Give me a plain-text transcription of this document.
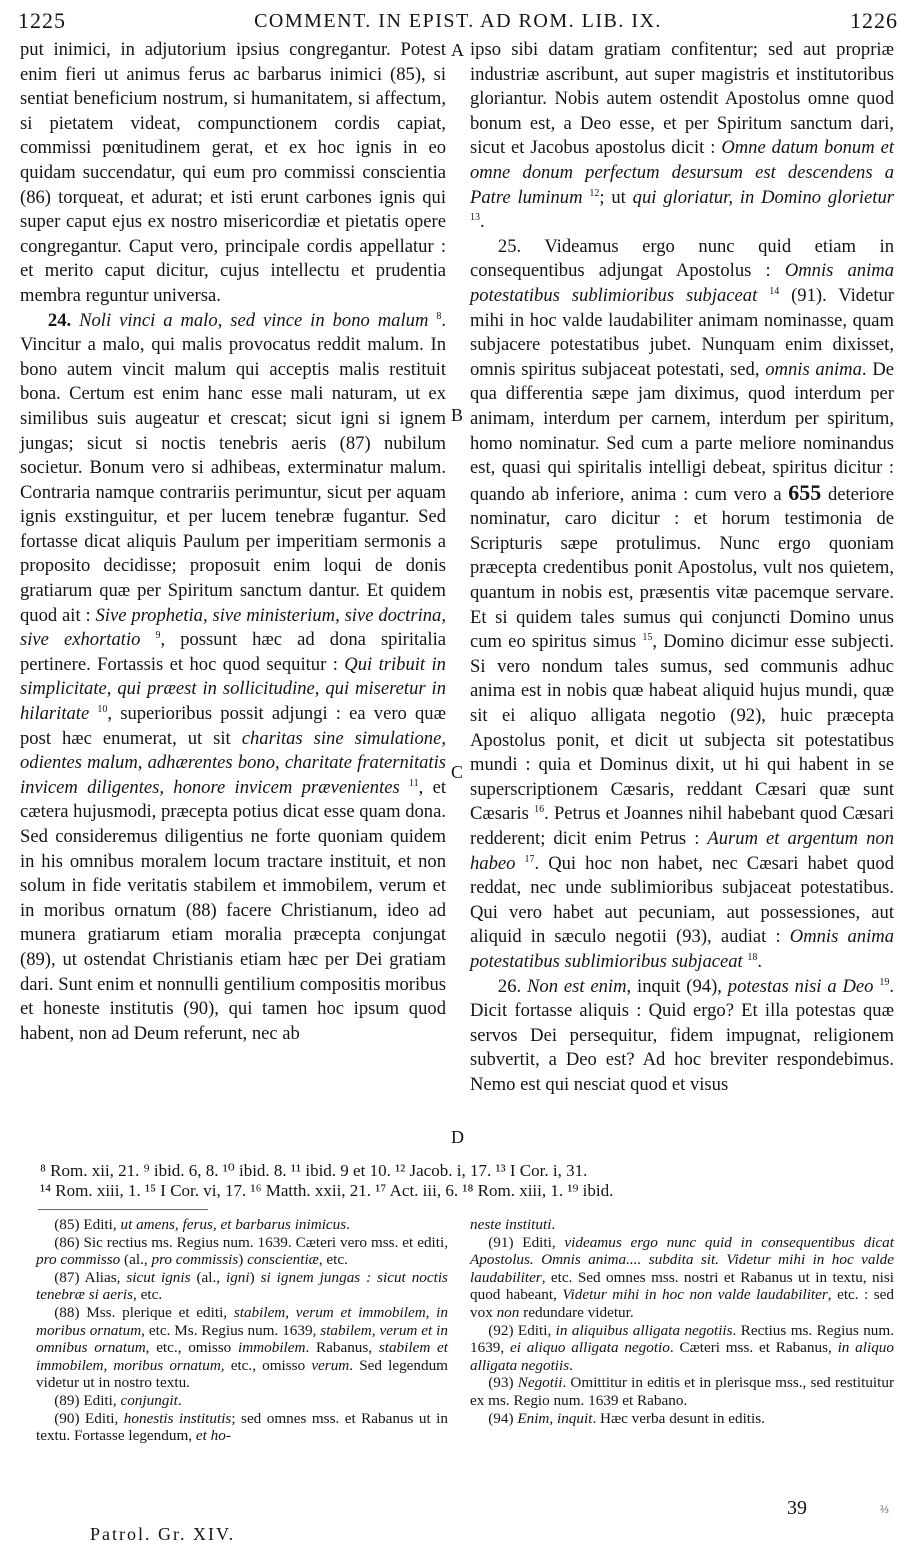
1225	COMMENT. IN EPIST. AD ROM. LIB. IX.	1226
A
B
C
D

put inimici, in adjutorium ipsius congregantur. Potest enim fieri ut animus ferus ac barbarus inimici (85), si sentiat beneficium nostrum, si humanitatem, si affectum, si pietatem videat, compunctionem cordis capiat, commissi pœnitudinem gerat, et ex hoc ignis in eo quidam succendatur, qui eum pro commissi conscientia (86) torqueat, et adurat; et isti erunt carbones ignis qui super caput ejus ex nostro misericordiæ et pietatis opere congregantur. Caput vero, principale cordis appellatur : et merito caput dicitur, cujus intellectu et prudentia membra reguntur universa.

24. Noli vinci a malo, sed vince in bono malum $^8$. Vincitur a malo, qui malis provocatus reddit malum. In bono autem vincit malum qui acceptis malis restituit bona. Certum est enim hanc esse mali naturam, ut ex similibus suis augeatur et crescat; sicut igni si ignem jungas; sicut si noctis tenebris aeris (87) nubilum societur. Bonum vero si adhibeas, exterminatur malum. Contraria namque contrariis perimuntur, sicut per aquam ignis exstinguitur, et per lucem tenebræ fugantur. Sed fortasse dicat aliquis Paulum per imperitiam sermonis a proposito decidisse; proposuit enim loqui de donis gratiarum quæ per Spiritum sanctum dantur. Et quidem quod ait : Sive prophetia, sive ministerium, sive doctrina, sive exhortatio $^9$, possunt hæc ad dona spiritalia pertinere. Fortassis et hoc quod sequitur : Qui tribuit in simplicitate, qui præest in sollicitudine, qui miseretur in hilaritate $^{10}$, superioribus possit adjungi : ea vero quæ post hæc enumerat, ut sit charitas sine simulatione, odientes malum, adhærentes bono, charitate fraternitatis invicem diligentes, honore invicem prævenientes $^{11}$, et cætera hujusmodi, præcepta potius dicat esse quam dona. Sed consideremus diligentius ne forte quoniam quidem in his omnibus moralem locum tractare instituit, et non solum in fide veritatis stabilem et immobilem, verum et in moribus ornatum (88) facere Christianum, ideo ad munera gratiarum etiam moralia præcepta conjungat (89), ut ostendat Christianis etiam hæc per Dei gratiam dari. Sunt enim et nonnulli gentilium compositis moribus et honeste institutis (90), qui tamen hoc ipsum quod habent, non ad Deum referunt, nec ab

ipso sibi datam gratiam confitentur; sed aut propriæ industriæ ascribunt, aut super magistris et institutoribus gloriantur. Nobis autem ostendit Apostolus omne quod bonum est, a Deo esse, et per Spiritum sanctum dari, sicut et Jacobus apostolus dicit : Omne datum bonum et omne donum perfectum desursum est descendens a Patre luminum $^{12}$; ut qui gloriatur, in Domino glorietur $^{13}$.

25. Videamus ergo nunc quid etiam in consequentibus adjungat Apostolus : Omnis anima potestatibus sublimioribus subjaceat $^{14}$ (91). Videtur mihi in hoc valde laudabiliter animam nominasse, quam subjacere potestatibus jubet. Nunquam enim dixisset, omnis spiritus subjaceat potestati, sed, omnis anima. De qua differentia sæpe jam diximus, quod interdum per animam, interdum per carnem, interdum per spiritum, homo nominatur. Sed cum a parte meliore nominandus est, quasi qui spiritalis intelligi debeat, spiritus dicitur : quando ab inferiore, anima : cum vero a 655 deteriore nominatur, caro dicitur : et horum testimonia de Scripturis sæpe protulimus. Nunc ergo quoniam præcepta credentibus ponit Apostolus, vult nos quietem, quantum in nobis est, præsentis vitæ pacemque servare. Et si quidem tales sumus qui conjuncti Domino unus cum eo spiritus simus $^{15}$, Domino dicimur esse subjecti. Si vero nondum tales sumus, sed communis adhuc anima est in nobis quæ habeat aliquid hujus mundi, quæ sit ei aliquo alligata negotio (92), huic præcepta Apostolus ponit, et dicit ut subjecta sit potestatibus mundi : quia et Dominus dixit, ut hi qui habent in se superscriptionem Cæsaris, reddant Cæsari quæ sunt Cæsaris $^{16}$. Petrus et Joannes nihil habebant quod Cæsari redderent; dicit enim Petrus : Aurum et argentum non habeo $^{17}$. Qui hoc non habet, nec Cæsari habet quod reddat, nec unde sublimioribus subjaceat potestatibus. Qui vero habet aut pecuniam, aut possessiones, aut aliquid in sæculo negotii (93), audiat : Omnis anima potestatibus sublimioribus subjaceat $^{18}$.

26. Non est enim, inquit (94), potestas nisi a Deo $^{19}$. Dicit fortasse aliquis : Quid ergo? Et illa potestas quæ servos Dei persequitur, fidem impugnat, religionem subvertit, a Deo est? Ad hoc breviter respondebimus. Nemo est qui nesciat quod et visus

⁸ Rom. xii, 21. ⁹ ibid. 6, 8. ¹⁰ ibid. 8. ¹¹ ibid. 9 et 10. ¹² Jacob. i, 17. ¹³ I Cor. i, 31.
¹⁴ Rom. xiii, 1. ¹⁵ I Cor. vi, 17. ¹⁶ Matth. xxii, 21. ¹⁷ Act. iii, 6. ¹⁸ Rom. xiii, 1. ¹⁹ ibid.

(85) Editi, ut amens, ferus, et barbarus inimicus.

(86) Sic rectius ms. Regius num. 1639. Cæteri vero mss. et editi, pro commisso (al., pro commissis) conscientiæ, etc.

(87) Alias, sicut ignis (al., igni) si ignem jungas : sicut noctis tenebræ si aeris, etc.

(88) Mss. plerique et editi, stabilem, verum et immobilem, in moribus ornatum, etc. Ms. Regius num. 1639, stabilem, verum et in omnibus ornatum, etc., omisso immobilem. Rabanus, stabilem et immobilem, moribus ornatum, etc., omisso verum. Sed legendum videtur ut in nostro textu.

(89) Editi, conjungit.

(90) Editi, honestis institutis; sed omnes mss. et Rabanus ut in textu. Fortasse legendum, et ho-

neste instituti.

(91) Editi, videamus ergo nunc quid in consequentibus dicat Apostolus. Omnis anima.... subdita sit. Videtur mihi in hoc valde laudabiliter, etc. Sed omnes mss. nostri et Rabanus ut in textu, nisi quod habeant, Videtur mihi in hoc non valde laudabiliter, etc. : sed vox non redundare videtur.

(92) Editi, in aliquibus alligata negotiis. Rectius ms. Regius num. 1639, ei aliquo alligata negotio. Cæteri mss. et Rabanus, in aliquo alligata negotiis.

(93) Negotii. Omittitur in editis et in plerisque mss., sed restituitur ex ms. Regio num. 1639 et Rabano.

(94) Enim, inquit. Hæc verba desunt in editis.

Patrol. Gr. XIV.
39	⅔
